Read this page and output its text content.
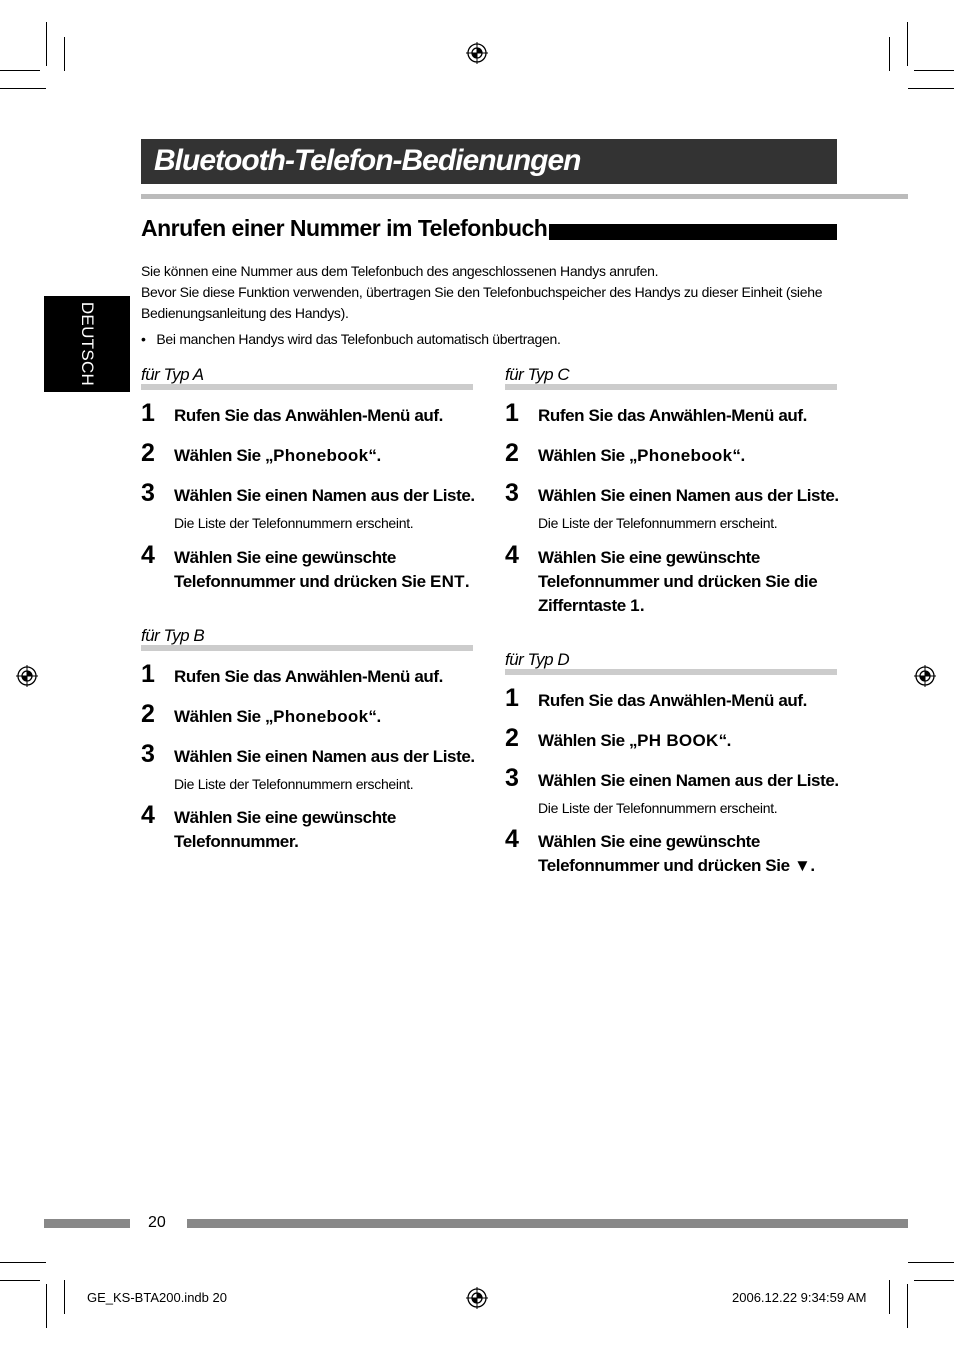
Bluetooth-Telefon-Bedienungen
Anrufen einer Nummer im Telefonbuch
Sie können eine Nummer aus dem Telefonbuch des angeschlossenen Handys anrufen.
Bevor Sie diese Funktion verwenden, übertragen Sie den Telefonbuchspeicher des Handys zu dieser Einheit (siehe
Bedienungsanleitung des Handys).
• Bei manchen Handys wird das Telefonbuch automatisch übertragen.
DEUTSCH	für Typ A
1	Rufen Sie das Anwählen-Menü auf.
2	Wählen Sie „Phonebook“.
3	Wählen Sie einen Namen aus der Liste.
Die Liste der Telefonnummern erscheint.
4	Wählen Sie eine gewünschte
Telefonnummer und drücken Sie ENT.
für Typ B
1	Rufen Sie das Anwählen-Menü auf.
2	Wählen Sie „Phonebook“.
3	Wählen Sie einen Namen aus der Liste.
Die Liste der Telefonnummern erscheint.
4	Wählen Sie eine gewünschte
Telefonnummer.
für Typ C
1	Rufen Sie das Anwählen-Menü auf.
2	Wählen Sie „Phonebook“.
3	Wählen Sie einen Namen aus der Liste.
Die Liste der Telefonnummern erscheint.
4	Wählen Sie eine gewünschte
Telefonnummer und drücken Sie die
Zifferntaste 1.
für Typ D
1	Rufen Sie das Anwählen-Menü auf.
2	Wählen Sie „PH BOOK“.
3	Wählen Sie einen Namen aus der Liste.
Die Liste der Telefonnummern erscheint.
4	Wählen Sie eine gewünschte
Telefonnummer und drücken Sie ▼.
20
GE_KS-BTA200.indb 20	2006.12.22 9:34:59 AM
